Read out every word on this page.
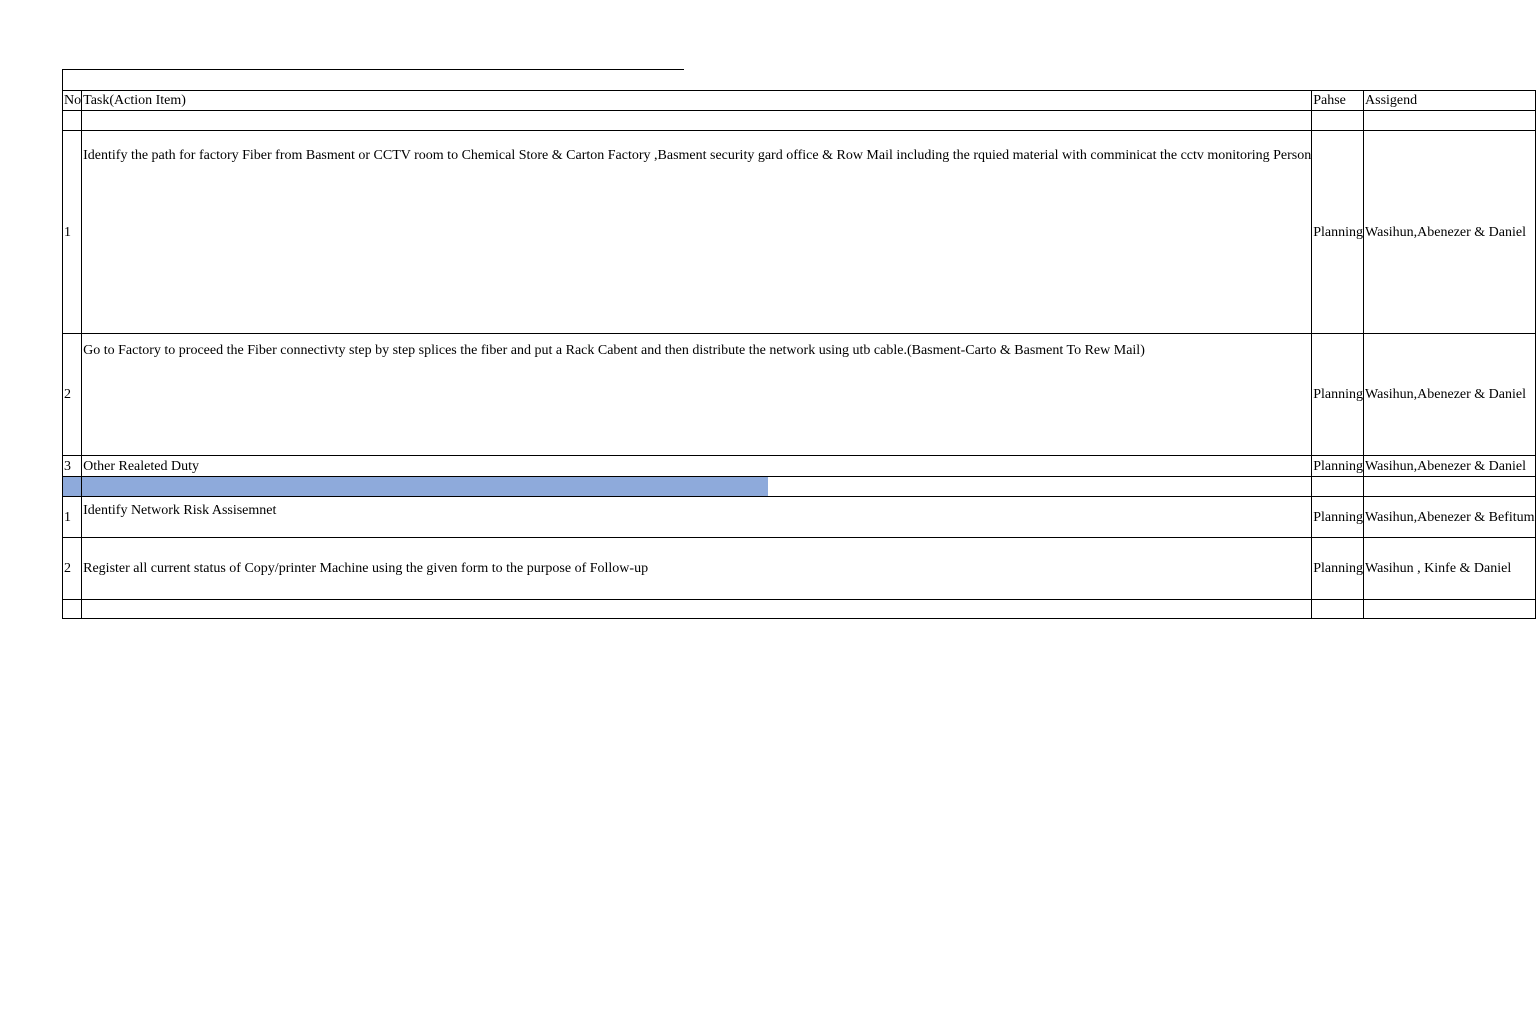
No	Task(Action Item)	Pahse	Assigend

1	Identify the path for factory Fiber from Basment or CCTV room to Chemical Store & Carton Factory ,Basment security gard office & Row Mail including the rquied material with comminicat the cctv monitoring Person	Planning	Wasihun,Abenezer & Daniel
2	Go to Factory to proceed the Fiber connectivty step by step splices the fiber and put a Rack Cabent and then distribute the network using utb cable.(Basment-Carto & Basment To Rew Mail)	Planning	Wasihun,Abenezer & Daniel
3	Other Realeted Duty	Planning	Wasihun,Abenezer & Daniel

1	Identify Network Risk Assisemnet	Planning	Wasihun,Abenezer & Befitum
2	Register all current status of Copy/printer Machine using the given form to the purpose of Follow-up	Planning	Wasihun , Kinfe & Daniel
